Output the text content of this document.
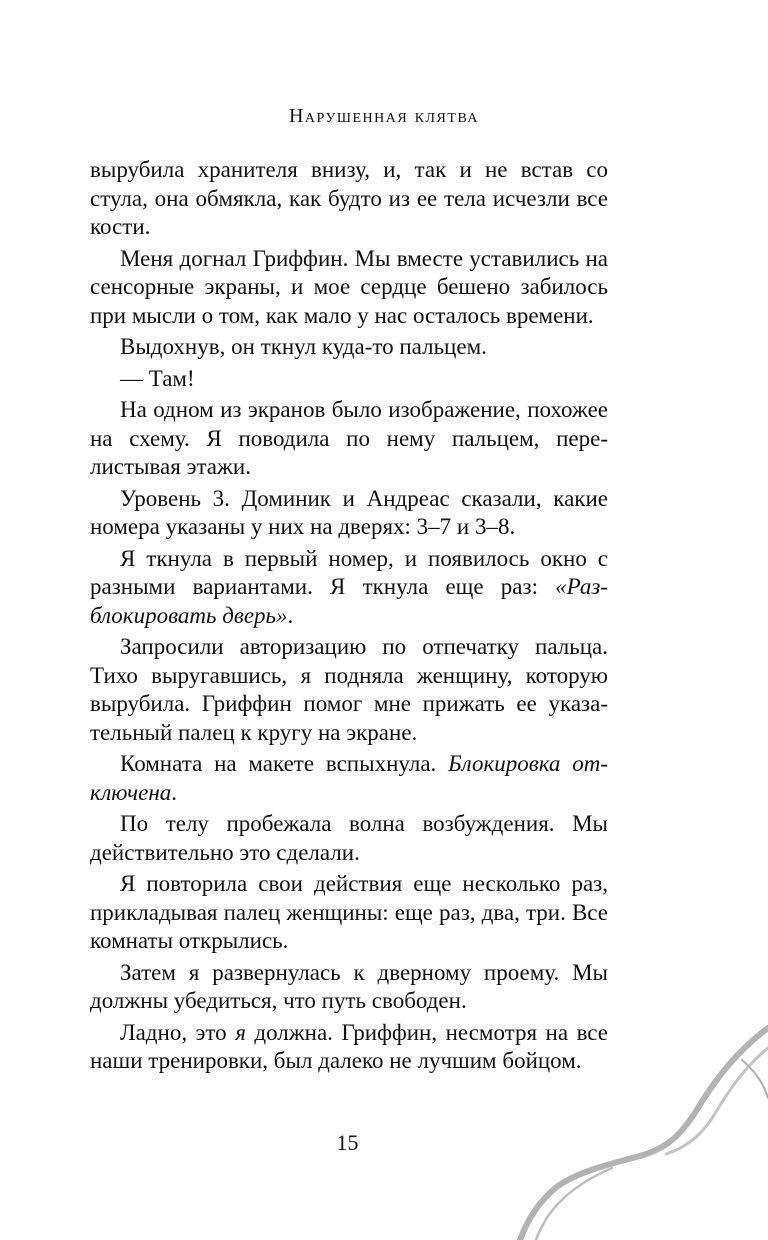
Нарушенная клятва

вырубила хранителя внизу, и, так и не встав со стула, она обмякла, как будто из ее тела исчезли все кости.

Меня догнал Гриффин. Мы вместе уставились на сенсорные экраны, и мое сердце бешено забилось при мысли о том, как мало у нас осталось времени.

Выдохнув, он ткнул куда-то пальцем.

— Там!

На одном из экранов было изображение, похожее на схему. Я поводила по нему пальцем, перелистывая этажи.

Уровень 3. Доминик и Андреас сказали, какие номера указаны у них на дверях: 3–7 и 3–8.

Я ткнула в первый номер, и появилось окно с разными вариантами. Я ткнула еще раз: «Разблокировать дверь».

Запросили авторизацию по отпечатку пальца. Тихо выругавшись, я подняла женщину, которую вырубила. Гриффин помог мне прижать ее указательный палец к кругу на экране.

Комната на макете вспыхнула. Блокировка отключена.

По телу пробежала волна возбуждения. Мы действительно это сделали.

Я повторила свои действия еще несколько раз, прикладывая палец женщины: еще раз, два, три. Все комнаты открылись.

Затем я развернулась к дверному проему. Мы должны убедиться, что путь свободен.

Ладно, это я должна. Гриффин, несмотря на все наши тренировки, был далеко не лучшим бойцом.

15
